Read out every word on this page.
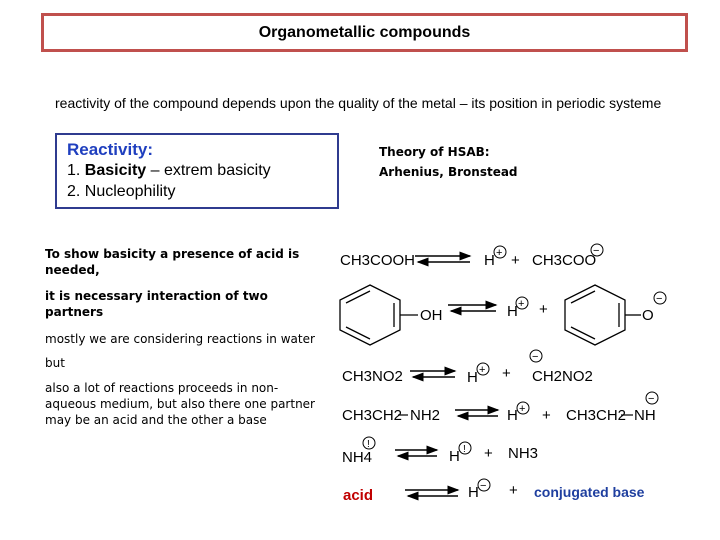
Organometallic compounds
reactivity of the compound depends upon the quality of the metal – its position in periodic systeme
Reactivity:
1. Basicity – extrem basicity
2. Nucleophility
Theory of HSAB:
Arhenius, Bronstead
To show basicity a presence of acid is needed,
it is necessary interaction of two partners
mostly we are considering reactions in water
but
also a lot of reactions proceeds in non-aqueous medium, but also there one partner may be an acid and the other a base
CH3COOH	H + + CH3COO
−
OH	H + +	O
−
CH3NO2	H + +
−
CH2NO2
CH3CH2 NH2	H + + CH3CH2 NH
−
!
NH4	H ! + NH3
acid	H − + conjugated base
